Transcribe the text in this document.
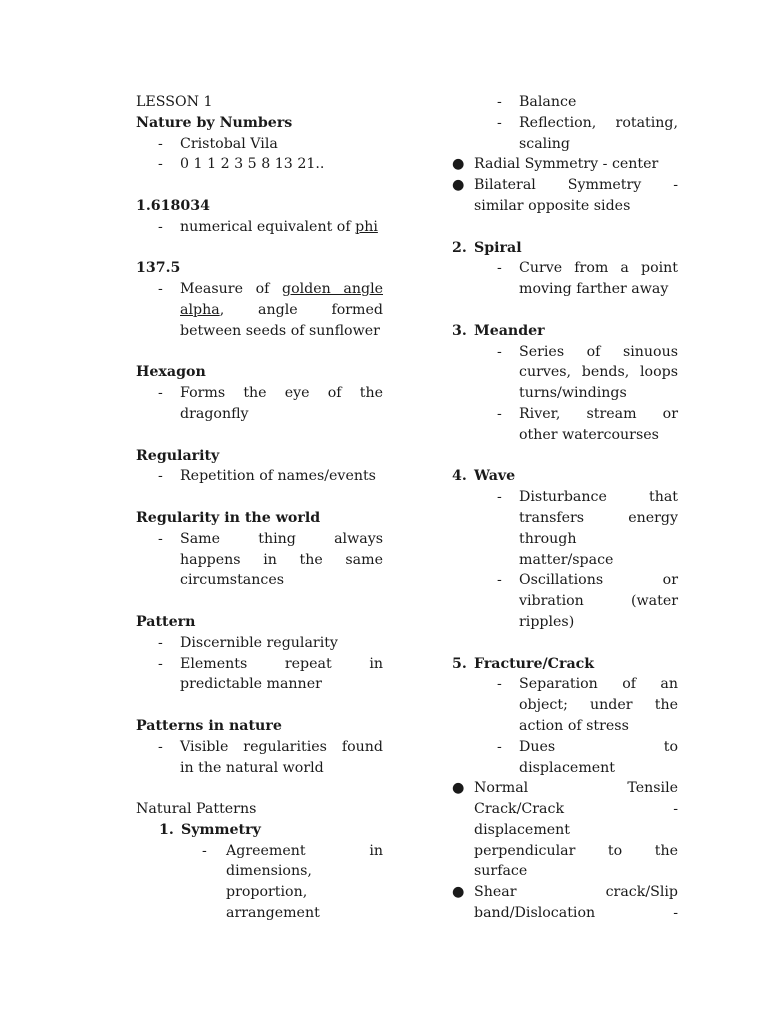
LESSON 1
Nature by Numbers
-	Cristobal Vila
-	0 1 1 2 3 5 8 13 21..
1.618034
-	numerical equivalent of phi
137.5
-	Measure of golden angle
alpha, angle formed
between seeds of sunflower
Hexagon
-	Forms the eye of the
dragonfly
Regularity
-	Repetition of names/events
Regularity in the world
-	Same thing always
happens in the same
circumstances
Pattern
-	Discernible regularity
-	Elements repeat in
predictable manner
Patterns in nature
-	Visible regularities found
in the natural world
Natural Patterns
1. Symmetry
-	Agreement in
dimensions,
proportion,
arrangement
-	Balance
-	Reflection, rotating,
scaling
● Radial Symmetry - center
● Bilateral Symmetry -
similar opposite sides
2. Spiral
-	Curve from a point
moving farther away
3. Meander
-	Series of sinuous
curves, bends, loops
turns/windings
-	River, stream or
other watercourses
4. Wave
-	Disturbance that
transfers energy
through
matter/space
-	Oscillations or
vibration (water
ripples)
5. Fracture/Crack
-	Separation of an
object; under the
action of stress
-	Dues to
displacement
● Normal Tensile
Crack/Crack -
displacement
perpendicular to the
surface
● Shear crack/Slip
band/Dislocation -
